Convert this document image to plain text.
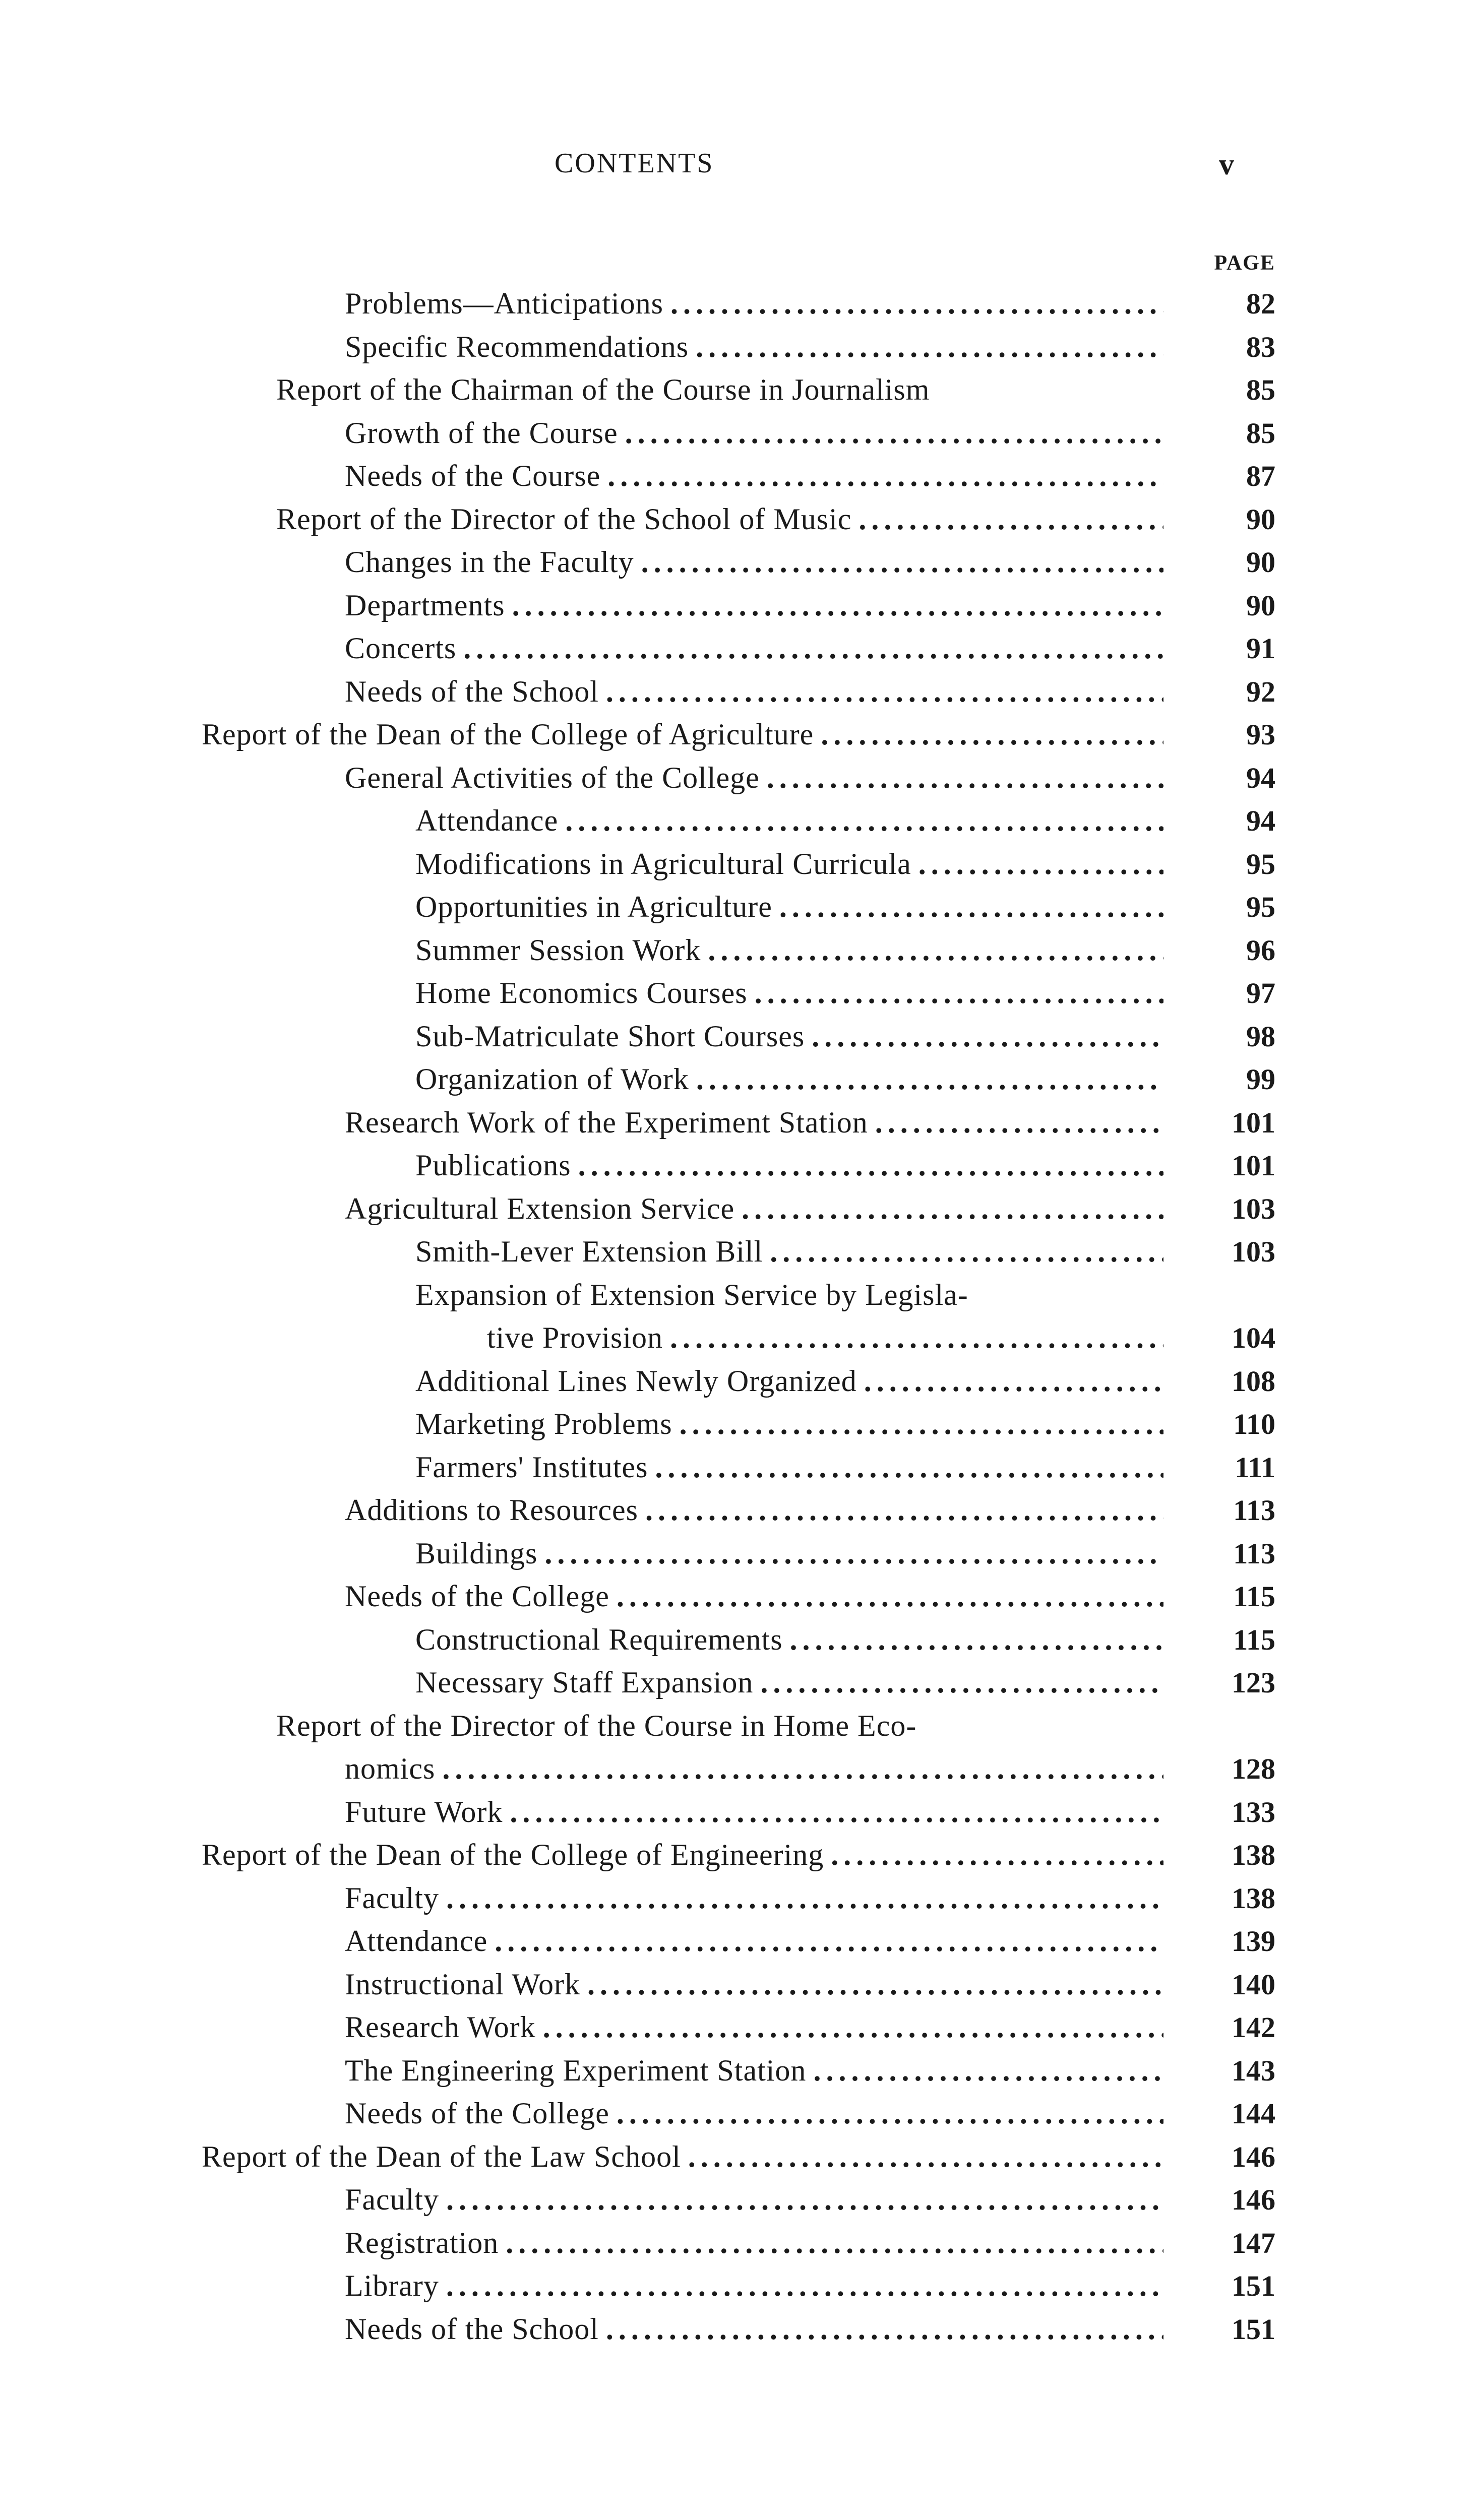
CONTENTS	v
PAGE
Problems—Anticipations .....	82
Specific Recommendations .....	83
Report of the Chairman of the Course in Journalism	85
Growth of the Course .....	85
Needs of the Course .....	87
Report of the Director of the School of Music .....	90
Changes in the Faculty .....	90
Departments .....	90
Concerts .....	91
Needs of the School .....	92
Report of the Dean of the College of Agriculture .....	93
General Activities of the College .....	94
Attendance .....	94
Modifications in Agricultural Curricula .....	95
Opportunities in Agriculture .....	95
Summer Session Work .....	96
Home Economics Courses .....	97
Sub-Matriculate Short Courses .....	98
Organization of Work .....	99
Research Work of the Experiment Station .....	101
Publications .....	101
Agricultural Extension Service .....	103
Smith-Lever Extension Bill .....	103
Expansion of Extension Service by Legisla-
tive Provision .....	104
Additional Lines Newly Organized .....	108
Marketing Problems .....	110
Farmers' Institutes .....	111
Additions to Resources .....	113
Buildings .....	113
Needs of the College .....	115
Constructional Requirements .....	115
Necessary Staff Expansion .....	123
Report of the Director of the Course in Home Eco-
nomics .....	128
Future Work .....	133
Report of the Dean of the College of Engineering .....	138
Faculty .....	138
Attendance .....	139
Instructional Work .....	140
Research Work .....	142
The Engineering Experiment Station .....	143
Needs of the College .....	144
Report of the Dean of the Law School .....	146
Faculty .....	146
Registration .....	147
Library .....	151
Needs of the School .....	151
